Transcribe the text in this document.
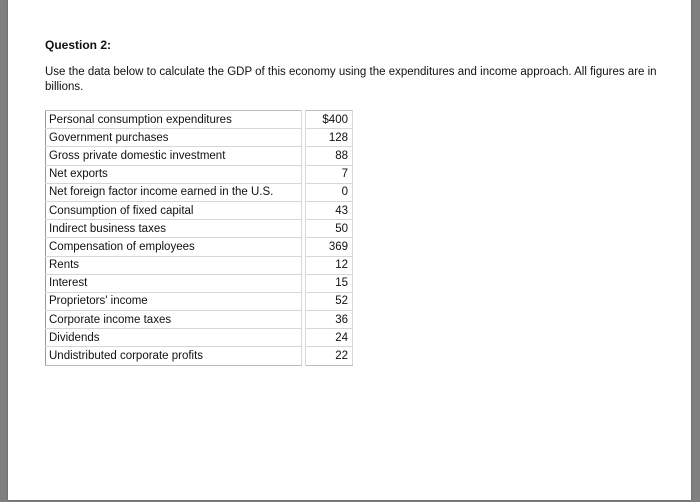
Question 2:
Use the data below to calculate the GDP of this economy using the expenditures and income approach. All figures are in billions.
Personal consumption expenditures		$400
Government purchases		128
Gross private domestic investment		88
Net exports		7
Net foreign factor income earned in the U.S.		0
Consumption of fixed capital		43
Indirect business taxes		50
Compensation of employees		369
Rents		12
Interest		15
Proprietors' income		52
Corporate income taxes		36
Dividends		24
Undistributed corporate profits		22
